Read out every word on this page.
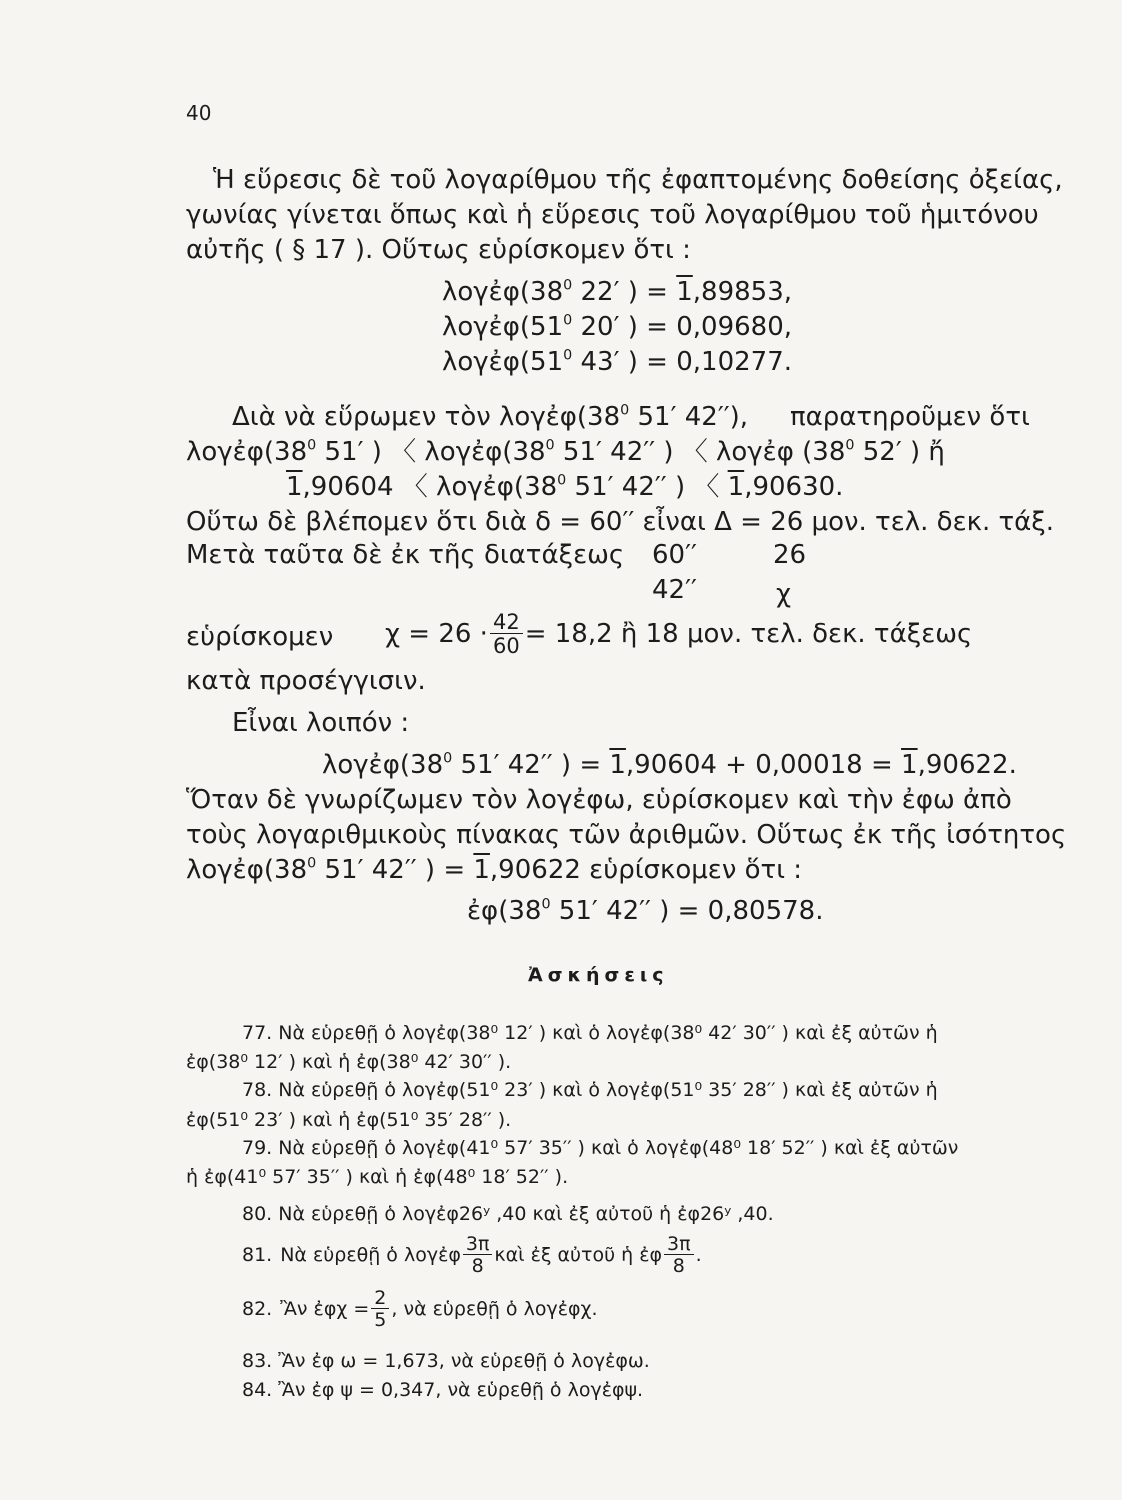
40
Ἡ εὕρεσις δὲ τοῦ λογαρίθμου τῆς ἐφαπτομένης δοθείσης ὀξείας,
γωνίας γίνεται ὅπως καὶ ἡ εὕρεσις τοῦ λογαρίθμου τοῦ ἡμιτόνου
αὐτῆς ( § 17 ). Οὕτως εὑρίσκομεν ὅτι :
$\lambda o\gamma ἐ\varphi(38^0$ 22′ ) = 1,89853,
$\lambda o\gamma ἐ\varphi(51^0$ 20′ ) = 0,09680,
$\lambda o\gamma ἐ\varphi(51^0$ 43′ ) = 0,10277.
Διὰ νὰ εὕρωμεν τὸν $\lambda o\gamma ἐ\varphi(38^0$ 51′ 42′′), παρατηροῦμεν ὅτι
$\lambda o\gamma ἐ\varphi(38^0$ 51′ ) 〈 $\lambda o\gamma ἐ\varphi(38^0$ 51′ 42′′ ) 〈 λογἐφ ($38^0$ 52′ ) ἤ
1,90604 〈 $\lambda o\gamma ἐ\varphi(38^0$ 51′ 42′′ ) 〈 1,90630.
Οὕτω δὲ βλέπομεν ὅτι διὰ δ = 60′′ εἶναι Δ = 26 μον. τελ. δεκ. τάξ.
Μετὰ ταῦτα δὲ ἐκ τῆς διατάξεως 60′′	26
42′′	χ
εὑρίσκομεν $\chi = 26 \cdot \frac{42}{60} = 18,2$ ἢ 18 μον. τελ. δεκ. τάξεως
κατὰ προσέγγισιν.
Εἶναι λοιπόν :
$\lambda o\gamma ἐ\varphi(38^0$ 51′ 42′′ ) = 1,90604 + 0,00018 = 1,90622.
Ὅταν δὲ γνωρίζωμεν τὸν λογἐφω, εὑρίσκομεν καὶ τὴν ἐφω ἀπὸ
τοὺς λογαριθμικοὺς πίνακας τῶν ἀριθμῶν. Οὕτως ἐκ τῆς ἰσότητος
$\lambda o\gamma ἐ\varphi(38^0$ 51′ 42′′ ) = 1,90622 εὑρίσκομεν ὅτι :
$ἐ\varphi(38^0$ 51′ 42′′ ) = 0,80578.
Ἀσκήσεις
77. Νὰ εὑρεθῇ ὁ λογἐφ(38⁰ 12′ ) καὶ ὁ λογἐφ(38⁰ 42′ 30′′ ) καὶ ἐξ αὐτῶν ἡ
ἐφ(38⁰ 12′ ) καὶ ἡ ἐφ(38⁰ 42′ 30′′ ).
78. Νὰ εὑρεθῇ ὁ λογἐφ(51⁰ 23′ ) καὶ ὁ λογἐφ(51⁰ 35′ 28′′ ) καὶ ἐξ αὐτῶν ἡ
ἐφ(51⁰ 23′ ) καὶ ἡ ἐφ(51⁰ 35′ 28′′ ).
79. Νὰ εὑρεθῇ ὁ λογἐφ(41⁰ 57′ 35′′ ) καὶ ὁ λογἐφ(48⁰ 18′ 52′′ ) καὶ ἐξ αὐτῶν
ἡ ἐφ(41⁰ 57′ 35′′ ) καὶ ἡ ἐφ(48⁰ 18′ 52′′ ).
80. Νὰ εὑρεθῇ ὁ λογἐφ26ʸ ,40 καὶ ἐξ αὐτοῦ ἡ ἐφ26ʸ ,40.
81. Νὰ εὑρεθῇ ὁ λογἐφ $\frac{3\pi}{8}$ καὶ ἐξ αὐτοῦ ἡ ἐφ $\frac{3\pi}{8}$ .
82. Ἂν ἐφχ = $\frac{2}{5}$ , νὰ εὑρεθῇ ὁ λογἐφχ.
83. Ἂν ἐφ ω = 1,673, νὰ εὑρεθῇ ὁ λογἐφω.
84. Ἂν ἐφ ψ = 0,347, νὰ εὑρεθῇ ὁ λογἐφψ.
